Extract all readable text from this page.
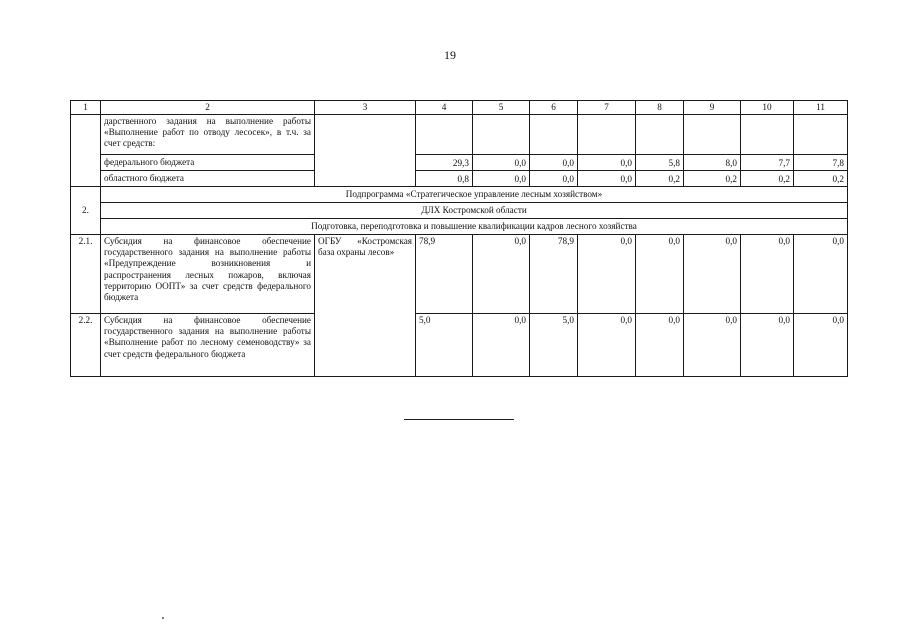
19
1	2	3	4	5	6	7	8	9	10	11
	дарственного задания на выполнение работы «Выполнение работ по отводу лесосек», в т.ч. за счет средств:									
	федерального бюджета		29,3	0,0	0,0	0,0	5,8	8,0	7,7	7,8
	областного бюджета		0,8	0,0	0,0	0,0	0,2	0,2	0,2	0,2
2.	Подпрограмма «Стратегическое управление лесным хозяйством»									
	ДЛХ Костромской области									
	Подготовка, переподготовка и повышение квалификации кадров лесного хозяйства									
2.1.	Субсидия на финансовое обеспечение государственного задания на выполнение работы «Предупреждение возникновения и распространения лесных пожаров, включая территорию ООПТ» за счет средств федерального бюджета	ОГБУ «Костромская база охраны лесов»	78,9	0,0	78,9	0,0	0,0	0,0	0,0	0,0
2.2.	Субсидия на финансовое обеспечение государственного задания на выполнение работы «Выполнение работ по лесному семеноводству» за счет средств федерального бюджета		5,0	0,0	5,0	0,0	0,0	0,0	0,0	0,0
